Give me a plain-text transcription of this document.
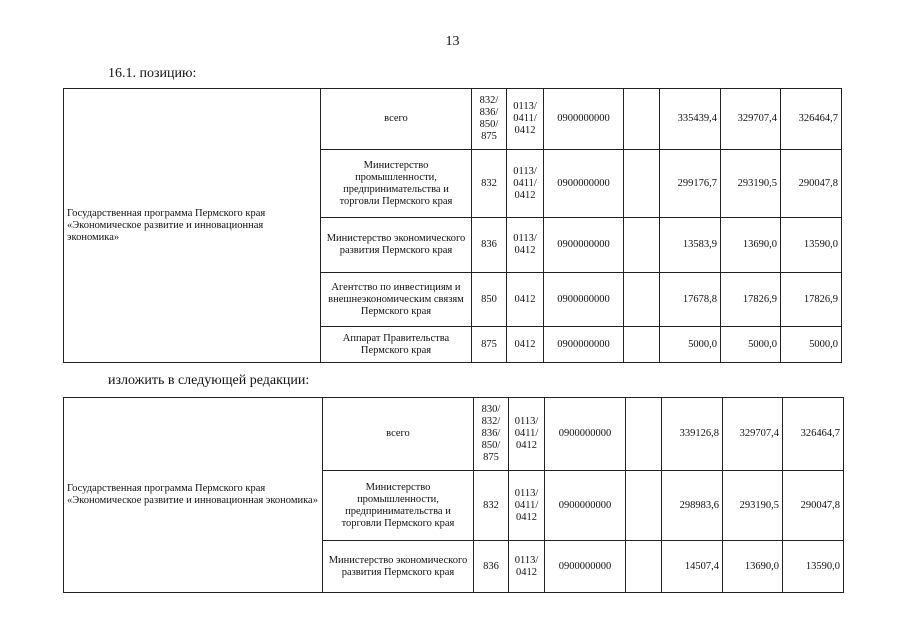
13
16.1. позицию:
Государственная программа Пермского края «Экономическое развитие и инновационная экономика»	всего	832/ 836/ 850/ 875	0113/ 0411/ 0412	0900000000		335439,4	329707,4	326464,7
	Министерство промышленности, предпринимательства и торговли Пермского края	832	0113/ 0411/ 0412	0900000000		299176,7	293190,5	290047,8
	Министерство экономического развития Пермского края	836	0113/ 0412	0900000000		13583,9	13690,0	13590,0
	Агентство по инвестициям и внешнеэкономическим связям Пермского края	850	0412	0900000000		17678,8	17826,9	17826,9
	Аппарат Правительства Пермского края	875	0412	0900000000		5000,0	5000,0	5000,0
изложить в следующей редакции:
Государственная программа Пермского края «Экономическое развитие и инновационная экономика»	всего	830/ 832/ 836/ 850/ 875	0113/ 0411/ 0412	0900000000		339126,8	329707,4	326464,7
	Министерство промышленности, предпринимательства и торговли Пермского края	832	0113/ 0411/ 0412	0900000000		298983,6	293190,5	290047,8
	Министерство экономического развития Пермского края	836	0113/ 0412	0900000000		14507,4	13690,0	13590,0
